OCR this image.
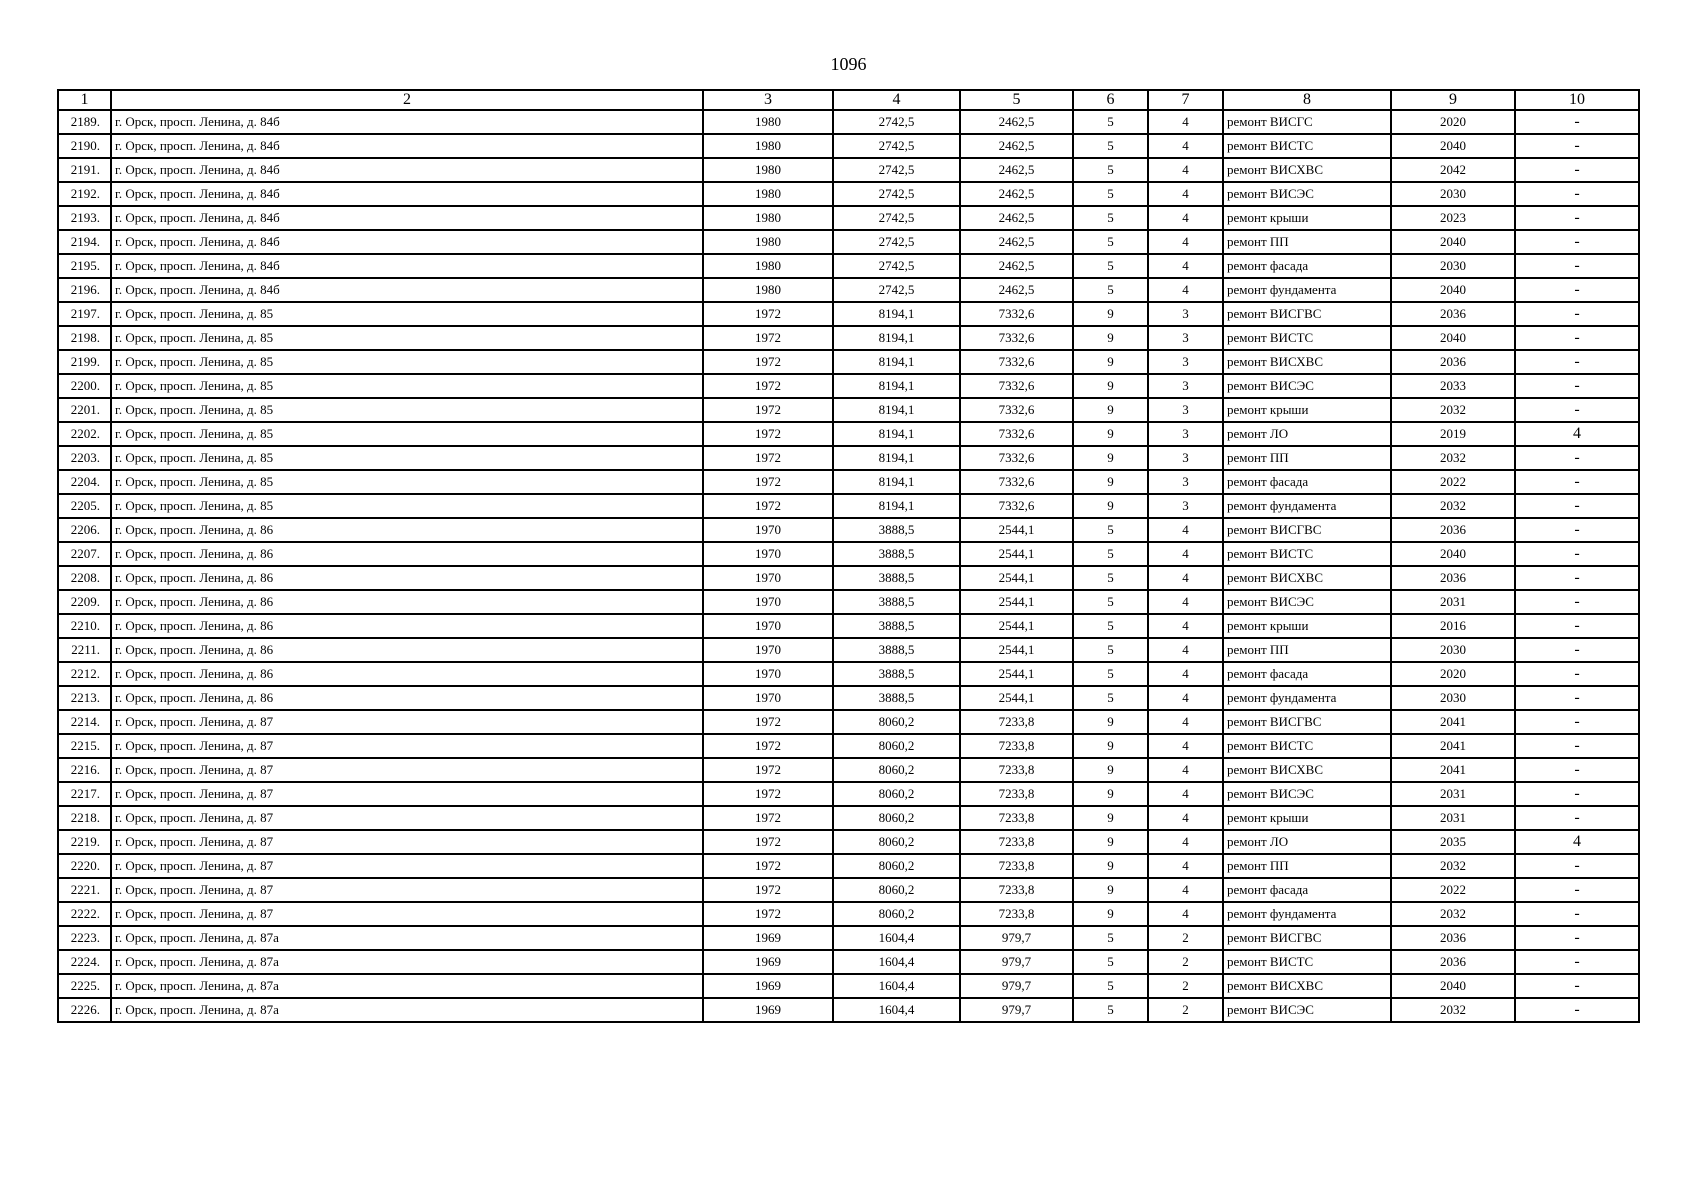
1096
1	2	3	4	5	6	7	8	9	10
2189.	г. Орск, просп. Ленина, д. 84б	1980	2742,5	2462,5	5	4	ремонт ВИСГС	2020	-
2190.	г. Орск, просп. Ленина, д. 84б	1980	2742,5	2462,5	5	4	ремонт ВИСТС	2040	-
2191.	г. Орск, просп. Ленина, д. 84б	1980	2742,5	2462,5	5	4	ремонт ВИСХВС	2042	-
2192.	г. Орск, просп. Ленина, д. 84б	1980	2742,5	2462,5	5	4	ремонт ВИСЭС	2030	-
2193.	г. Орск, просп. Ленина, д. 84б	1980	2742,5	2462,5	5	4	ремонт крыши	2023	-
2194.	г. Орск, просп. Ленина, д. 84б	1980	2742,5	2462,5	5	4	ремонт ПП	2040	-
2195.	г. Орск, просп. Ленина, д. 84б	1980	2742,5	2462,5	5	4	ремонт фасада	2030	-
2196.	г. Орск, просп. Ленина, д. 84б	1980	2742,5	2462,5	5	4	ремонт фундамента	2040	-
2197.	г. Орск, просп. Ленина, д. 85	1972	8194,1	7332,6	9	3	ремонт ВИСГВС	2036	-
2198.	г. Орск, просп. Ленина, д. 85	1972	8194,1	7332,6	9	3	ремонт ВИСТС	2040	-
2199.	г. Орск, просп. Ленина, д. 85	1972	8194,1	7332,6	9	3	ремонт ВИСХВС	2036	-
2200.	г. Орск, просп. Ленина, д. 85	1972	8194,1	7332,6	9	3	ремонт ВИСЭС	2033	-
2201.	г. Орск, просп. Ленина, д. 85	1972	8194,1	7332,6	9	3	ремонт крыши	2032	-
2202.	г. Орск, просп. Ленина, д. 85	1972	8194,1	7332,6	9	3	ремонт ЛО	2019	4
2203.	г. Орск, просп. Ленина, д. 85	1972	8194,1	7332,6	9	3	ремонт ПП	2032	-
2204.	г. Орск, просп. Ленина, д. 85	1972	8194,1	7332,6	9	3	ремонт фасада	2022	-
2205.	г. Орск, просп. Ленина, д. 85	1972	8194,1	7332,6	9	3	ремонт фундамента	2032	-
2206.	г. Орск, просп. Ленина, д. 86	1970	3888,5	2544,1	5	4	ремонт ВИСГВС	2036	-
2207.	г. Орск, просп. Ленина, д. 86	1970	3888,5	2544,1	5	4	ремонт ВИСТС	2040	-
2208.	г. Орск, просп. Ленина, д. 86	1970	3888,5	2544,1	5	4	ремонт ВИСХВС	2036	-
2209.	г. Орск, просп. Ленина, д. 86	1970	3888,5	2544,1	5	4	ремонт ВИСЭС	2031	-
2210.	г. Орск, просп. Ленина, д. 86	1970	3888,5	2544,1	5	4	ремонт крыши	2016	-
2211.	г. Орск, просп. Ленина, д. 86	1970	3888,5	2544,1	5	4	ремонт ПП	2030	-
2212.	г. Орск, просп. Ленина, д. 86	1970	3888,5	2544,1	5	4	ремонт фасада	2020	-
2213.	г. Орск, просп. Ленина, д. 86	1970	3888,5	2544,1	5	4	ремонт фундамента	2030	-
2214.	г. Орск, просп. Ленина, д. 87	1972	8060,2	7233,8	9	4	ремонт ВИСГВС	2041	-
2215.	г. Орск, просп. Ленина, д. 87	1972	8060,2	7233,8	9	4	ремонт ВИСТС	2041	-
2216.	г. Орск, просп. Ленина, д. 87	1972	8060,2	7233,8	9	4	ремонт ВИСХВС	2041	-
2217.	г. Орск, просп. Ленина, д. 87	1972	8060,2	7233,8	9	4	ремонт ВИСЭС	2031	-
2218.	г. Орск, просп. Ленина, д. 87	1972	8060,2	7233,8	9	4	ремонт крыши	2031	-
2219.	г. Орск, просп. Ленина, д. 87	1972	8060,2	7233,8	9	4	ремонт ЛО	2035	4
2220.	г. Орск, просп. Ленина, д. 87	1972	8060,2	7233,8	9	4	ремонт ПП	2032	-
2221.	г. Орск, просп. Ленина, д. 87	1972	8060,2	7233,8	9	4	ремонт фасада	2022	-
2222.	г. Орск, просп. Ленина, д. 87	1972	8060,2	7233,8	9	4	ремонт фундамента	2032	-
2223.	г. Орск, просп. Ленина, д. 87а	1969	1604,4	979,7	5	2	ремонт ВИСГВС	2036	-
2224.	г. Орск, просп. Ленина, д. 87а	1969	1604,4	979,7	5	2	ремонт ВИСТС	2036	-
2225.	г. Орск, просп. Ленина, д. 87а	1969	1604,4	979,7	5	2	ремонт ВИСХВС	2040	-
2226.	г. Орск, просп. Ленина, д. 87а	1969	1604,4	979,7	5	2	ремонт ВИСЭС	2032	-
